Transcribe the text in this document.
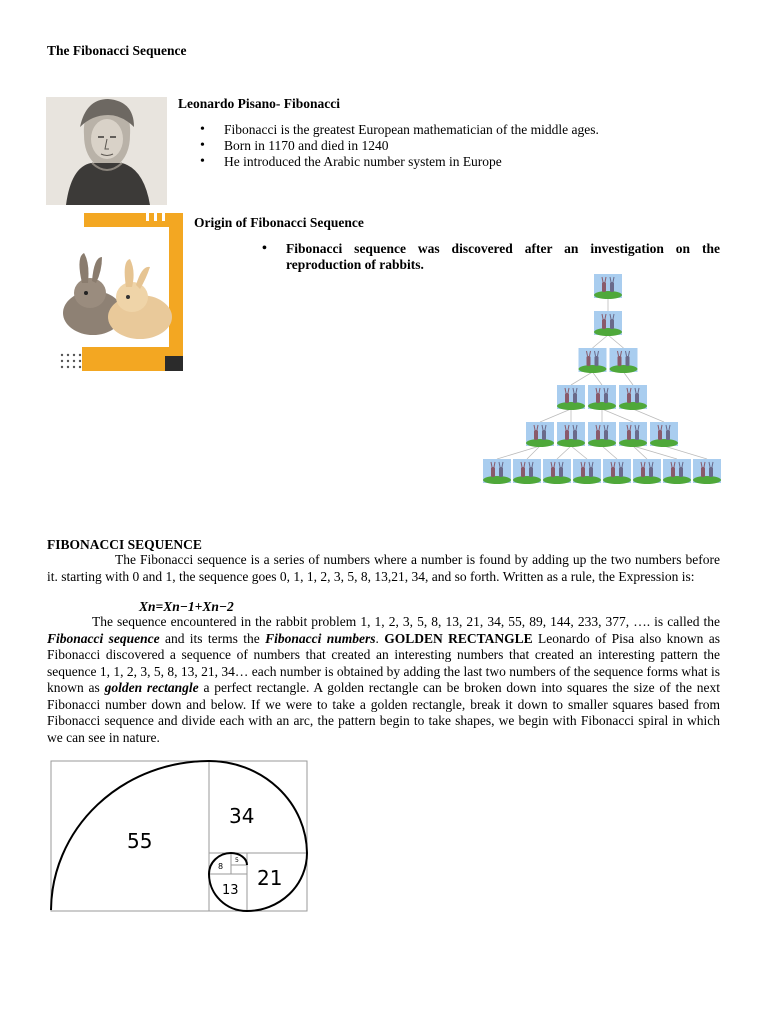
The Fibonacci Sequence
Leonardo Pisano- Fibonacci
• Fibonacci is the greatest European mathematician of the middle ages.
• Born in 1170 and died in 1240
• He introduced the Arabic number system in Europe
Origin of Fibonacci Sequence
• Fibonacci sequence was discovered after an investigation on the reproduction of rabbits.
FIBONACCI SEQUENCE

The Fibonacci sequence is a series of numbers where a number is found by adding up the two numbers before it. starting with 0 and 1, the sequence goes 0, 1, 1, 2, 3, 5, 8, 13,21, 34, and so forth. Written as a rule, the Expression is:

Xn=Xn−1+Xn−2

The sequence encountered in the rabbit problem 1, 1, 2, 3, 5, 8, 13, 21, 34, 55, 89, 144, 233, 377, …. is called the Fibonacci sequence and its terms the Fibonacci numbers. GOLDEN RECTANGLE Leonardo of Pisa also known as Fibonacci discovered a sequence of numbers that created an interesting numbers that created an interesting pattern the sequence 1, 1, 2, 3, 5, 8, 13, 21, 34… each number is obtained by adding the last two numbers of the sequence forms what is known as golden rectangle a perfect rectangle. A golden rectangle can be broken down into squares the size of the next Fibonacci number down and below. If we were to take a golden rectangle, break it down to smaller squares based from Fibonacci sequence and divide each with an arc, the pattern begin to take shapes, we begin with Fibonacci spiral in which we can see in nature.

55
34
21
13
8
5
